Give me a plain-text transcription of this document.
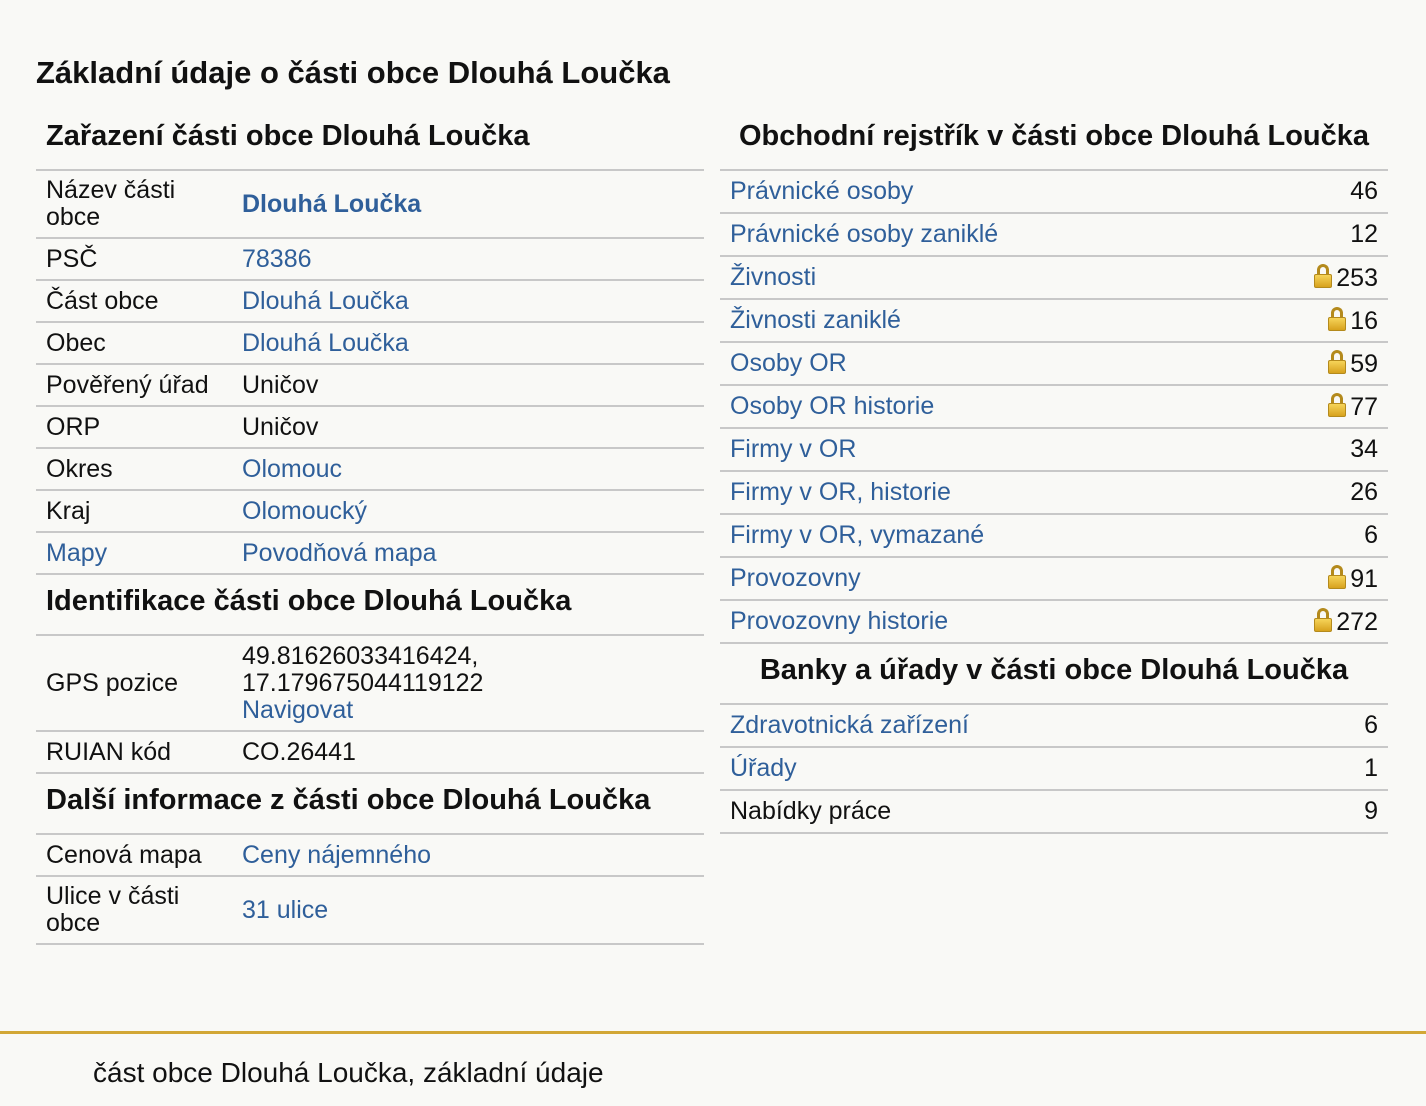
Základní údaje o části obce Dlouhá Loučka
Zařazení části obce Dlouhá Loučka
Název části obce	Dlouhá Loučka
PSČ	78386
Část obce	Dlouhá Loučka
Obec	Dlouhá Loučka
Pověřený úřad	Uničov
ORP	Uničov
Okres	Olomouc
Kraj	Olomoucký
Mapy	Povodňová mapa
Identifikace části obce Dlouhá Loučka
GPS pozice	49.81626033416424,
17.179675044119122
Navigovat
RUIAN kód	CO.26441
Další informace z části obce Dlouhá Loučka
Cenová mapa	Ceny nájemného
Ulice v části obce	31 ulice
Obchodní rejstřík v části obce Dlouhá Loučka
Právnické osoby	46
Právnické osoby zaniklé	12
Živnosti	253
Živnosti zaniklé	16
Osoby OR	59
Osoby OR historie	77
Firmy v OR	34
Firmy v OR, historie	26
Firmy v OR, vymazané	6
Provozovny	91
Provozovny historie	272
Banky a úřady v části obce Dlouhá Loučka
Zdravotnická zařízení	6
Úřady	1
Nabídky práce	9
část obce Dlouhá Loučka, základní údaje
